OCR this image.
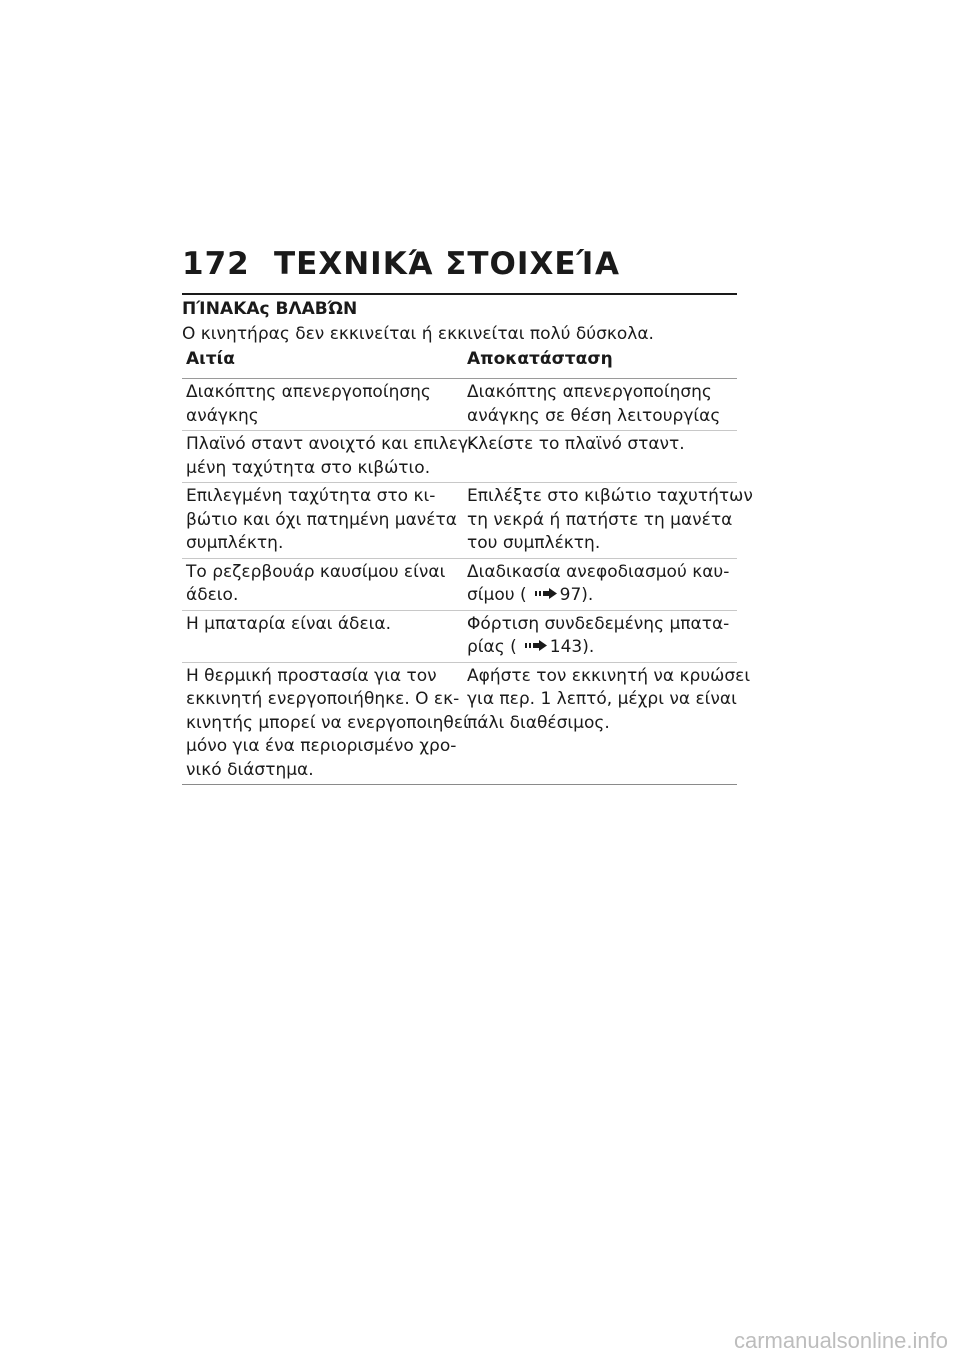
172 ΤΕΧΝΙΚΆ ΣΤΟΙΧΕΊΑ
ΠΊΝΑΚΑς ΒΛΑΒΏΝ
Ο κινητήρας δεν εκκινείται ή εκκινείται πολύ δύσκολα.
Αιτία	Αποκατάσταση
Διακόπτης απενεργοποίησης
ανάγκης
Διακόπτης απενεργοποίησης
ανάγκης σε θέση λειτουργίας
Πλαϊνό σταντ ανοιχτό και επιλεγ-
μένη ταχύτητα στο κιβώτιο.
Κλείστε το πλαϊνό σταντ.
Επιλεγμένη ταχύτητα στο κι-
βώτιο και όχι πατημένη μανέτα
συμπλέκτη.
Επιλέξτε στο κιβώτιο ταχυτήτων
τη νεκρά ή πατήστε τη μανέτα
του συμπλέκτη.
Το ρεζερβουάρ καυσίμου είναι
άδειο.
Διαδικασία ανεφοδιασμού καυ-
σίμου ( 97).
Η μπαταρία είναι άδεια.	Φόρτιση συνδεδεμένης μπατα-
ρίας ( 143).
Η θερμική προστασία για τον
εκκινητή ενεργοποιήθηκε. Ο εκ-
κινητής μπορεί να ενεργοποιηθεί
μόνο για ένα περιορισμένο χρο-
νικό διάστημα.
Αφήστε τον εκκινητή να κρυώσει
για περ. 1 λεπτό, μέχρι να είναι
πάλι διαθέσιμος.
carmanualsonline.info
